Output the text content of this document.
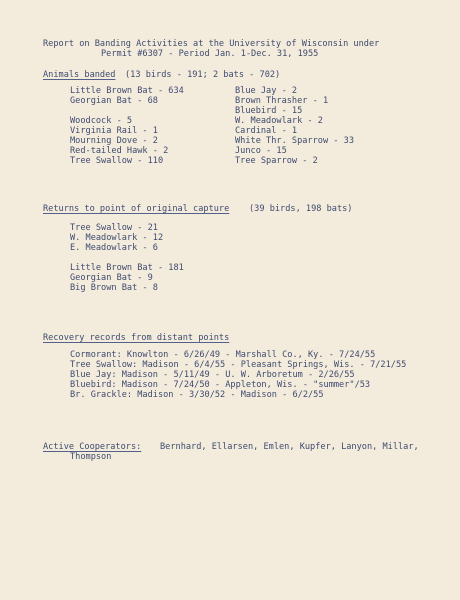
Report on Banding Activities at the University of Wisconsin under
Permit #6307 - Period Jan. 1-Dec. 31, 1955
Animals banded (13 birds - 191; 2 bats - 702)
Little Brown Bat - 634
Georgian Bat - 68
Woodcock - 5
Virginia Rail - 1
Mourning Dove - 2
Red-tailed Hawk - 2
Tree Swallow - 110
Blue Jay - 2
Brown Thrasher - 1
Bluebird - 15
W. Meadowlark - 2
Cardinal - 1
White Thr. Sparrow - 33
Junco - 15
Tree Sparrow - 2
Returns to point of original capture (39 birds, 198 bats)
Tree Swallow - 21
W. Meadowlark - 12
E. Meadowlark - 6
Little Brown Bat - 181
Georgian Bat - 9
Big Brown Bat - 8
Recovery records from distant points
Cormorant: Knowlton - 6/26/49 - Marshall Co., Ky. - 7/24/55
Tree Swallow: Madison - 6/4/55 - Pleasant Springs, Wis. - 7/21/55
Blue Jay: Madison - 5/11/49 - U. W. Arboretum - 2/26/55
Bluebird: Madison - 7/24/50 - Appleton, Wis. - "summer"/53
Br. Grackle: Madison - 3/30/52 - Madison - 6/2/55
Active Cooperators: Bernhard, Ellarsen, Emlen, Kupfer, Lanyon, Millar,
Thompson
